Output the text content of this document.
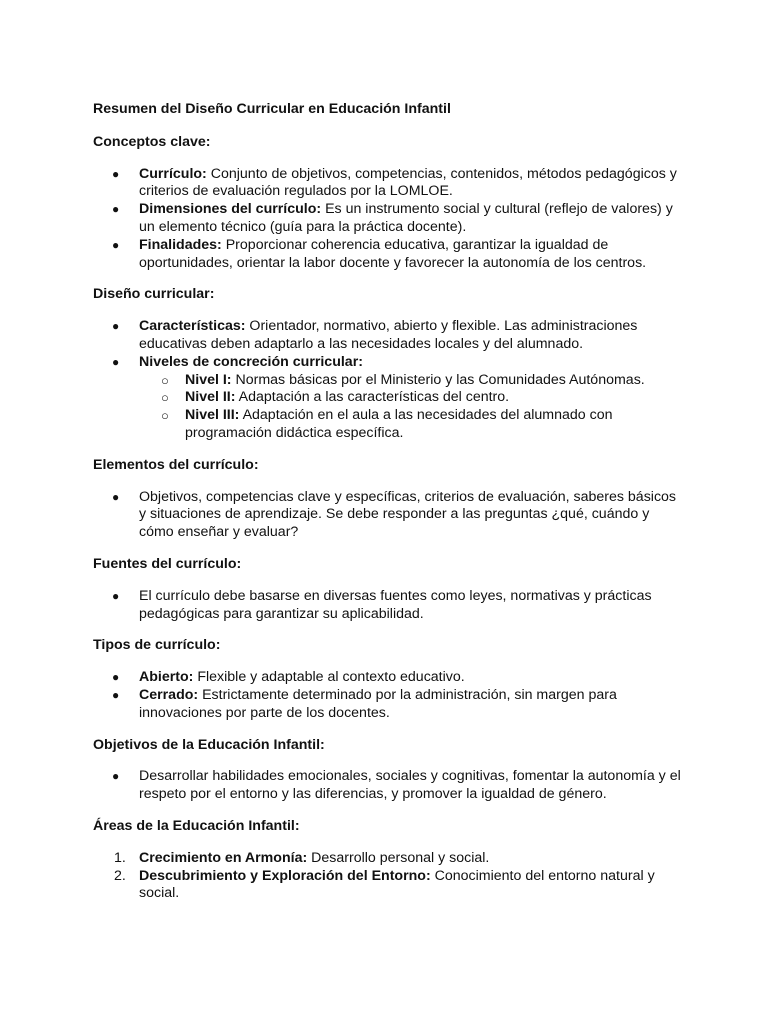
Resumen del Diseño Curricular en Educación Infantil

Conceptos clave:

●	Currículo: Conjunto de objetivos, competencias, contenidos, métodos pedagógicos y criterios de evaluación regulados por la LOMLOE.
●	Dimensiones del currículo: Es un instrumento social y cultural (reflejo de valores) y un elemento técnico (guía para la práctica docente).
●	Finalidades: Proporcionar coherencia educativa, garantizar la igualdad de oportunidades, orientar la labor docente y favorecer la autonomía de los centros.

Diseño curricular:

●	Características: Orientador, normativo, abierto y flexible. Las administraciones educativas deben adaptarlo a las necesidades locales y del alumnado.
●	Niveles de concreción curricular:
○ Nivel I: Normas básicas por el Ministerio y las Comunidades Autónomas.
○ Nivel II: Adaptación a las características del centro.
○ Nivel III: Adaptación en el aula a las necesidades del alumnado con programación didáctica específica.

Elementos del currículo:

●	Objetivos, competencias clave y específicas, criterios de evaluación, saberes básicos y situaciones de aprendizaje. Se debe responder a las preguntas ¿qué, cuándo y cómo enseñar y evaluar?

Fuentes del currículo:

●	El currículo debe basarse en diversas fuentes como leyes, normativas y prácticas pedagógicas para garantizar su aplicabilidad.

Tipos de currículo:

●	Abierto: Flexible y adaptable al contexto educativo.
●	Cerrado: Estrictamente determinado por la administración, sin margen para innovaciones por parte de los docentes.

Objetivos de la Educación Infantil:

●	Desarrollar habilidades emocionales, sociales y cognitivas, fomentar la autonomía y el respeto por el entorno y las diferencias, y promover la igualdad de género.

Áreas de la Educación Infantil:

1. Crecimiento en Armonía: Desarrollo personal y social.
2. Descubrimiento y Exploración del Entorno: Conocimiento del entorno natural y social.
